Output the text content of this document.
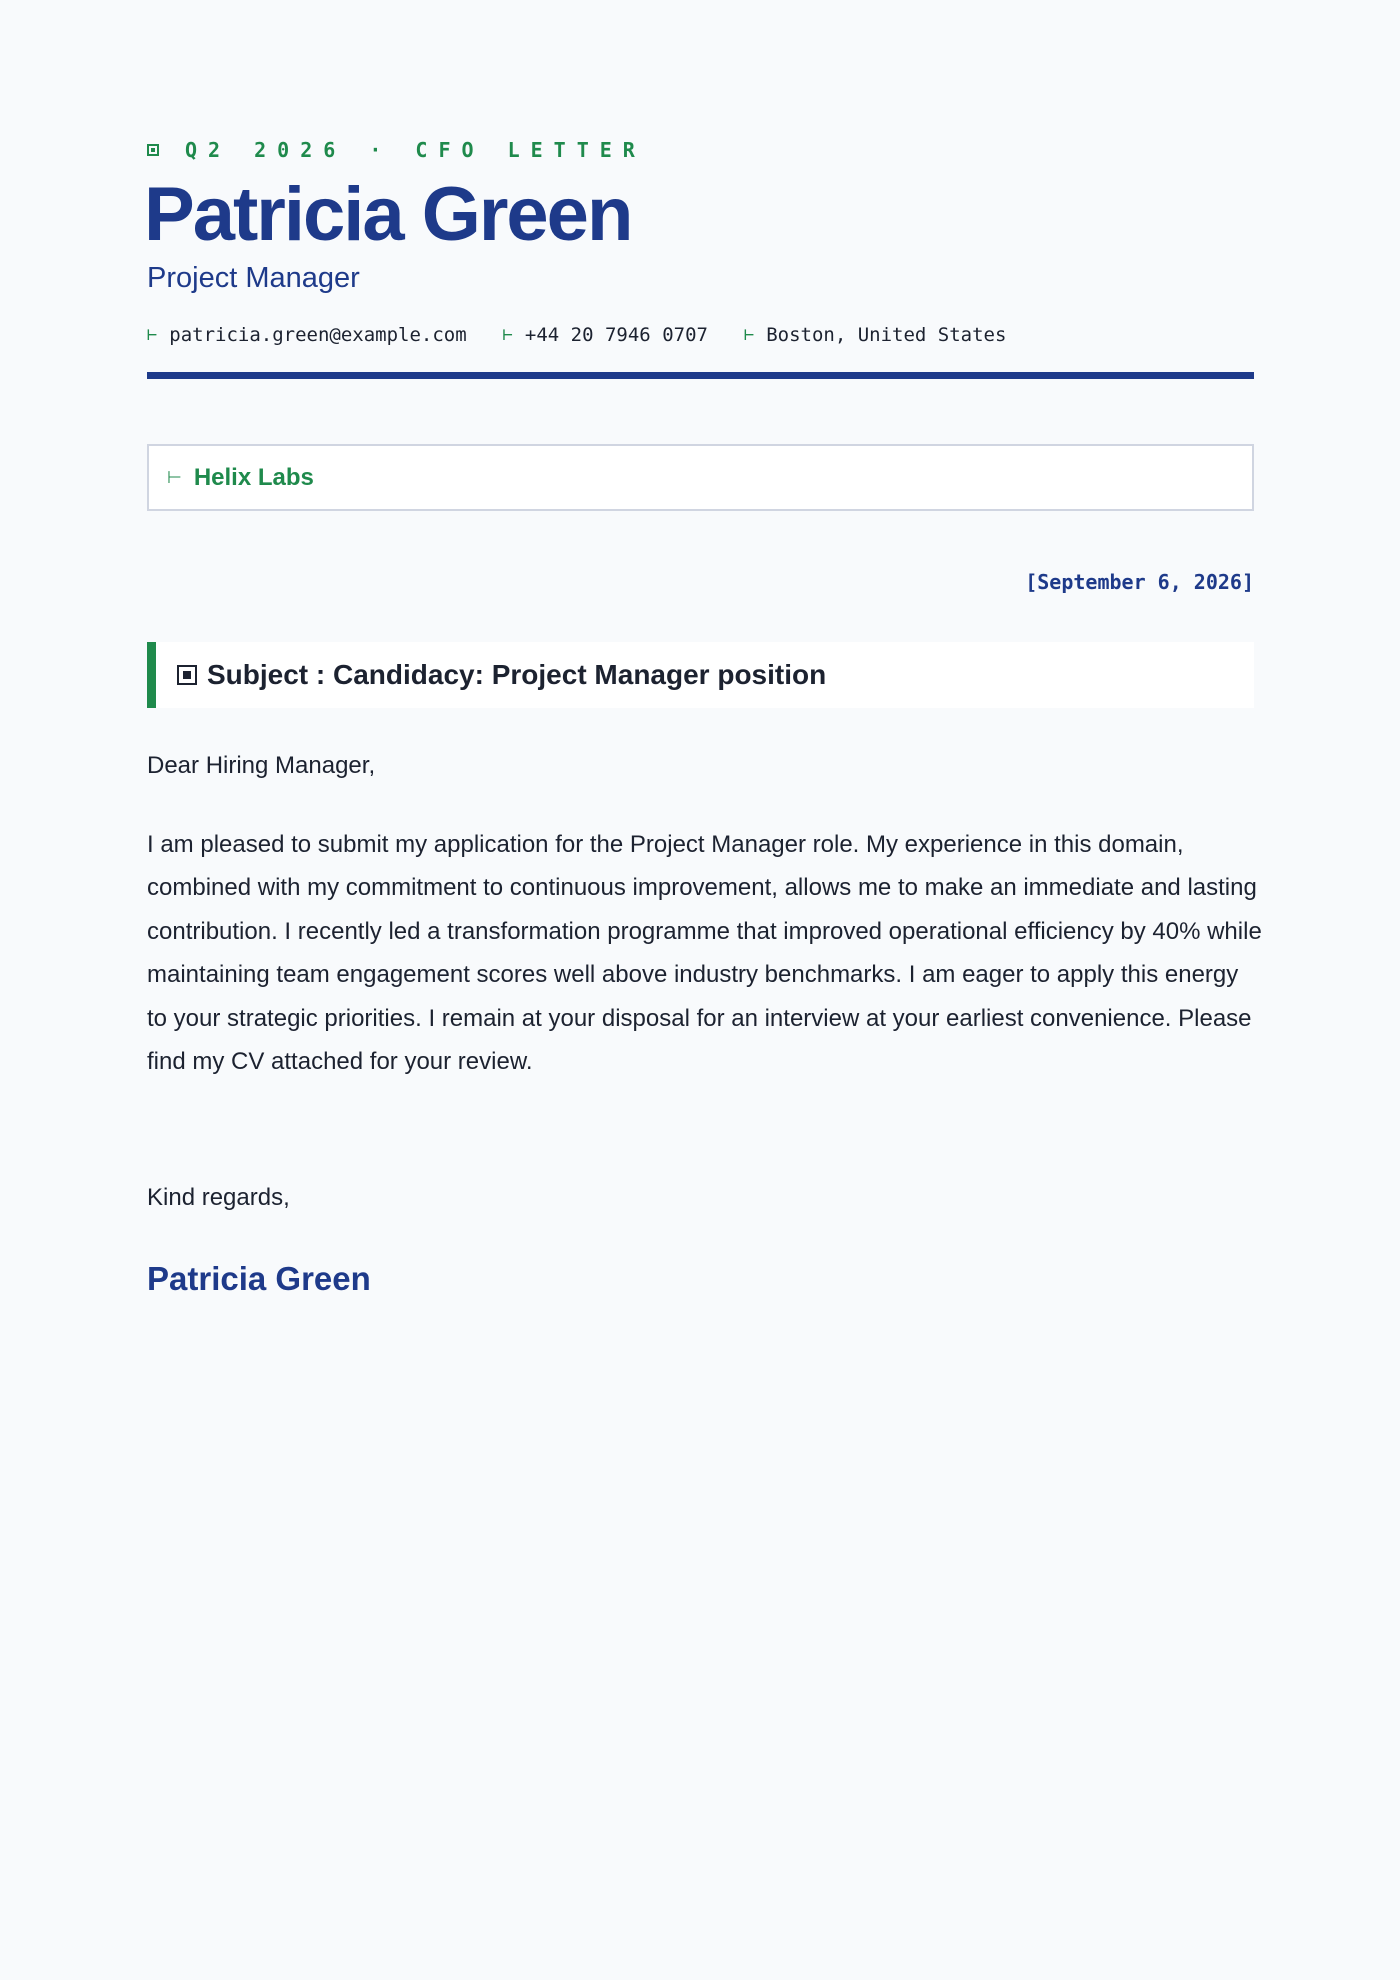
Q2 2026 · CFO LETTER
Patricia Green
Project Manager
⊢ patricia.green@example.com ⊢ +44 20 7946 0707 ⊢ Boston, United States
⊢ Helix Labs
[September 6, 2026]
Subject : Candidacy: Project Manager position
Dear Hiring Manager,

I am pleased to submit my application for the Project Manager role. My experience in this domain, combined with my commitment to continuous improvement, allows me to make an immediate and lasting contribution. I recently led a transformation programme that improved operational efficiency by 40% while maintaining team engagement scores well above industry benchmarks. I am eager to apply this energy to your strategic priorities. I remain at your disposal for an interview at your earliest convenience. Please find my CV attached for your review.

Kind regards,
Patricia Green
